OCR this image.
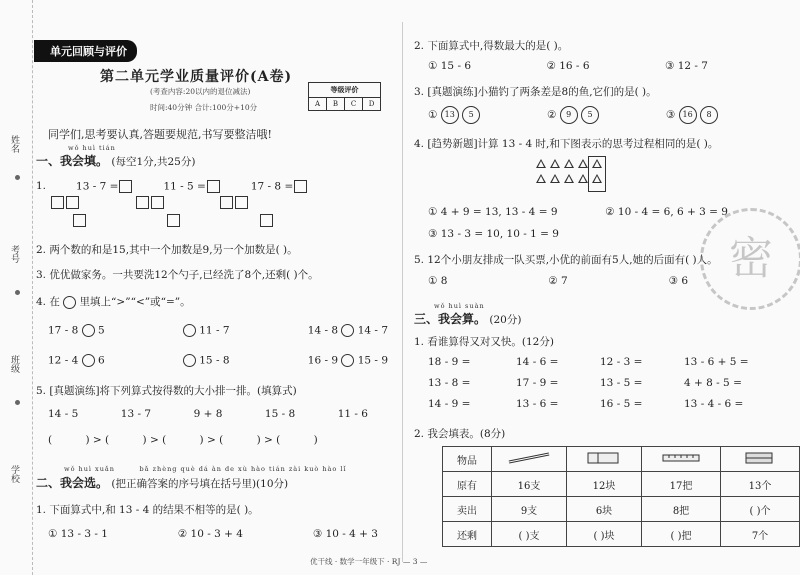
姓名
考号
班级
学校
单元回顾与评价
第二单元学业质量评价(A卷)
(考查内容:20以内的退位减法)
时间:40分钟 合计:100分+10分
等级评价
A	B	C	D
同学们,思考要认真,答题要规范,书写要整洁哦!
wǒ huì tián
一、我会填。 (每空1分,共25分)
1.	13 - 7 =	11 - 5 =	17 - 8 =

2. 两个数的和是15,其中一个加数是9,另一个加数是( )。
3. 优优做家务。一共要洗12个勺子,已经洗了8个,还剩( )个。
4. 在 里填上“>”“<”或“=”。
17 - 8 5	11 - 7	14 - 8 14 - 7
12 - 4 6	15 - 8	16 - 9 15 - 9
5. [真题演练]将下列算式按得数的大小排一排。(填算式)
14 - 5	13 - 7	9 + 8	15 - 8	11 - 6
(          ) > (          ) > (          ) > (          ) > (          )
wǒ huì xuǎn        bǎ zhèng què dá àn de xù hào tián zài kuò hào lǐ
二、我会选。 (把正确答案的序号填在括号里)(10分)
1. 下面算式中,和 13 - 4 的结果不相等的是( )。
① 13 - 3 - 1	② 10 - 3 + 4	③ 10 - 4 + 3
2. 下面算式中,得数最大的是( )。
① 15 - 6	② 16 - 6	③ 12 - 7
3. [真题演练]小猫钓了两条差是8的鱼,它们的是( )。
① 13 5	② 9 5	③ 16 8
4. [趋势新题]计算 13 - 4 时,和下图表示的思考过程相同的是( )。

① 4 + 9 = 13, 13 - 4 = 9	② 10 - 4 = 6, 6 + 3 = 9
③ 13 - 3 = 10, 10 - 1 = 9
5. 12个小朋友排成一队买票,小优的前面有5人,她的后面有( )人。
① 8	② 7	③ 6
wǒ huì suàn
三、我会算。 (20分)
1. 看谁算得又对又快。(12分)
18 - 9 =	14 - 6 =	12 - 3 =	13 - 6 + 5 =
13 - 8 =	17 - 9 =	13 - 5 =	4 + 8 - 5 =
14 - 9 =	13 - 6 =	16 - 5 =	13 - 4 - 6 =
2. 我会填表。(8分)
物品				
原有	16支	12块	17把	13个
卖出	9支	6块	8把	( )个
还剩	( )支	( )块	( )把	7个
密
优干线 · 数学一年级下 · RJ — 3 —
